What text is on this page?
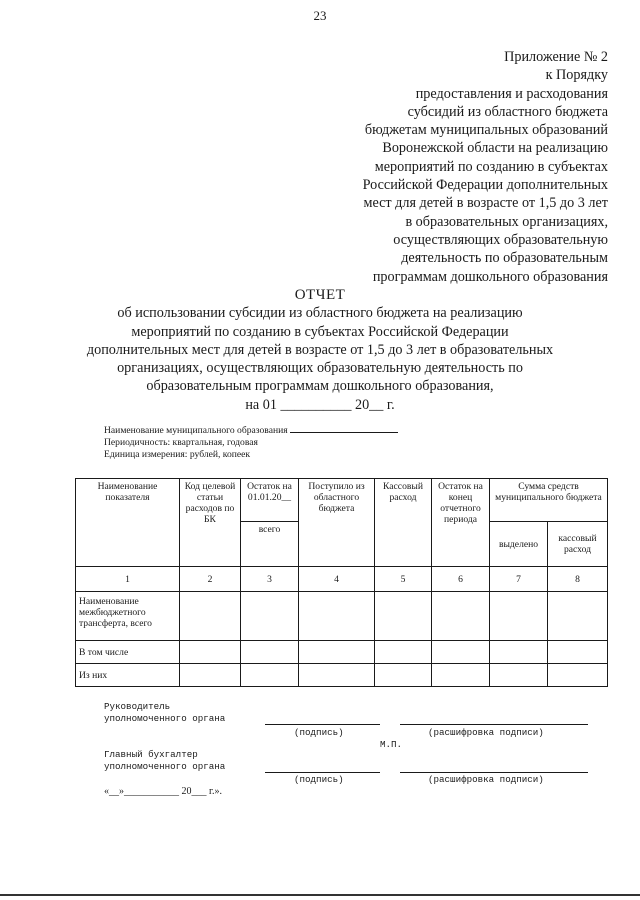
23
Приложение № 2
к Порядку
предоставления и расходования
субсидий из областного бюджета
бюджетам муниципальных образований
Воронежской области на реализацию
мероприятий по созданию в субъектах
Российской Федерации дополнительных
мест для детей в возрасте от 1,5 до 3 лет
в образовательных организациях,
осуществляющих образовательную
деятельность по образовательным
программам дошкольного образования
ОТЧЕТ
об использовании субсидии из областного бюджета на реализацию
мероприятий по созданию в субъектах Российской Федерации
дополнительных мест для детей в возрасте от 1,5 до 3 лет в образовательных
организациях, осуществляющих образовательную деятельность по
образовательным программам дошкольного образования,
на 01 __________ 20__ г.
Наименование муниципального образования
Периодичность: квартальная, годовая
Единица измерения: рублей, копеек
Наименование показателя	Код целевой статьи расходов по БК	Остаток на 01.01.20__	Поступило из областного бюджета	Кассовый расход	Остаток на конец отчетного периода	Сумма средств муниципального бюджета	
		всего				выделено	кассовый расход
1	2	3	4	5	6	7	8
Наименование межбюджетного трансферта, всего							
В том числе							
Из них							
Руководитель
уполномоченного органа
(подпись)	(расшифровка подписи)
М.П.
Главный бухгалтер
уполномоченного органа
(подпись)	(расшифровка подписи)
«__»___________ 20___ г.».
